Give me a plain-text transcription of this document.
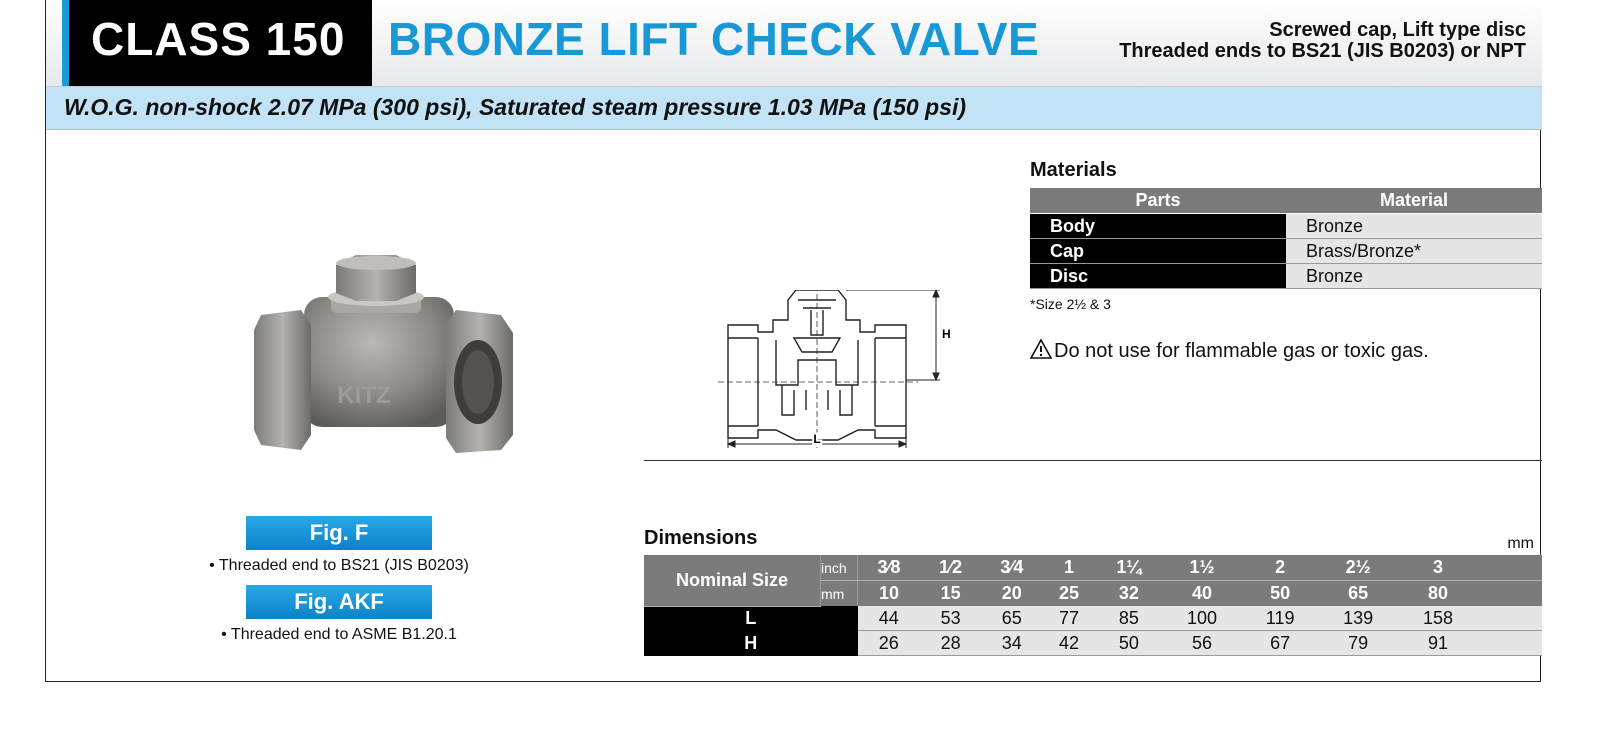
CLASS 150 BRONZE LIFT CHECK VALVE	Screwed cap, Lift type disc
Threaded ends to BS21 (JIS B0203) or NPT
W.O.G. non-shock 2.07 MPa (300 psi), Saturated steam pressure 1.03 MPa (150 psi)
KITZ
Fig. F
• Threaded end to BS21 (JIS B0203)
Fig. AKF
• Threaded end to ASME B1.20.1
H
L
Materials
Parts	Material
Body	Bronze
Cap	Brass/Bronze*
Disc	Bronze
*Size 2½ & 3
Do not use for flammable gas or toxic gas.
Dimensions	mm
Nominal Size	inch	3⁄8	1⁄2	3⁄4	1	1¼	1½	2	2½	3	
	mm	10	15	20	25	32	40	50	65	80	
L		44	53	65	77	85	100	119	139	158	
H		26	28	34	42	50	56	67	79	91	
